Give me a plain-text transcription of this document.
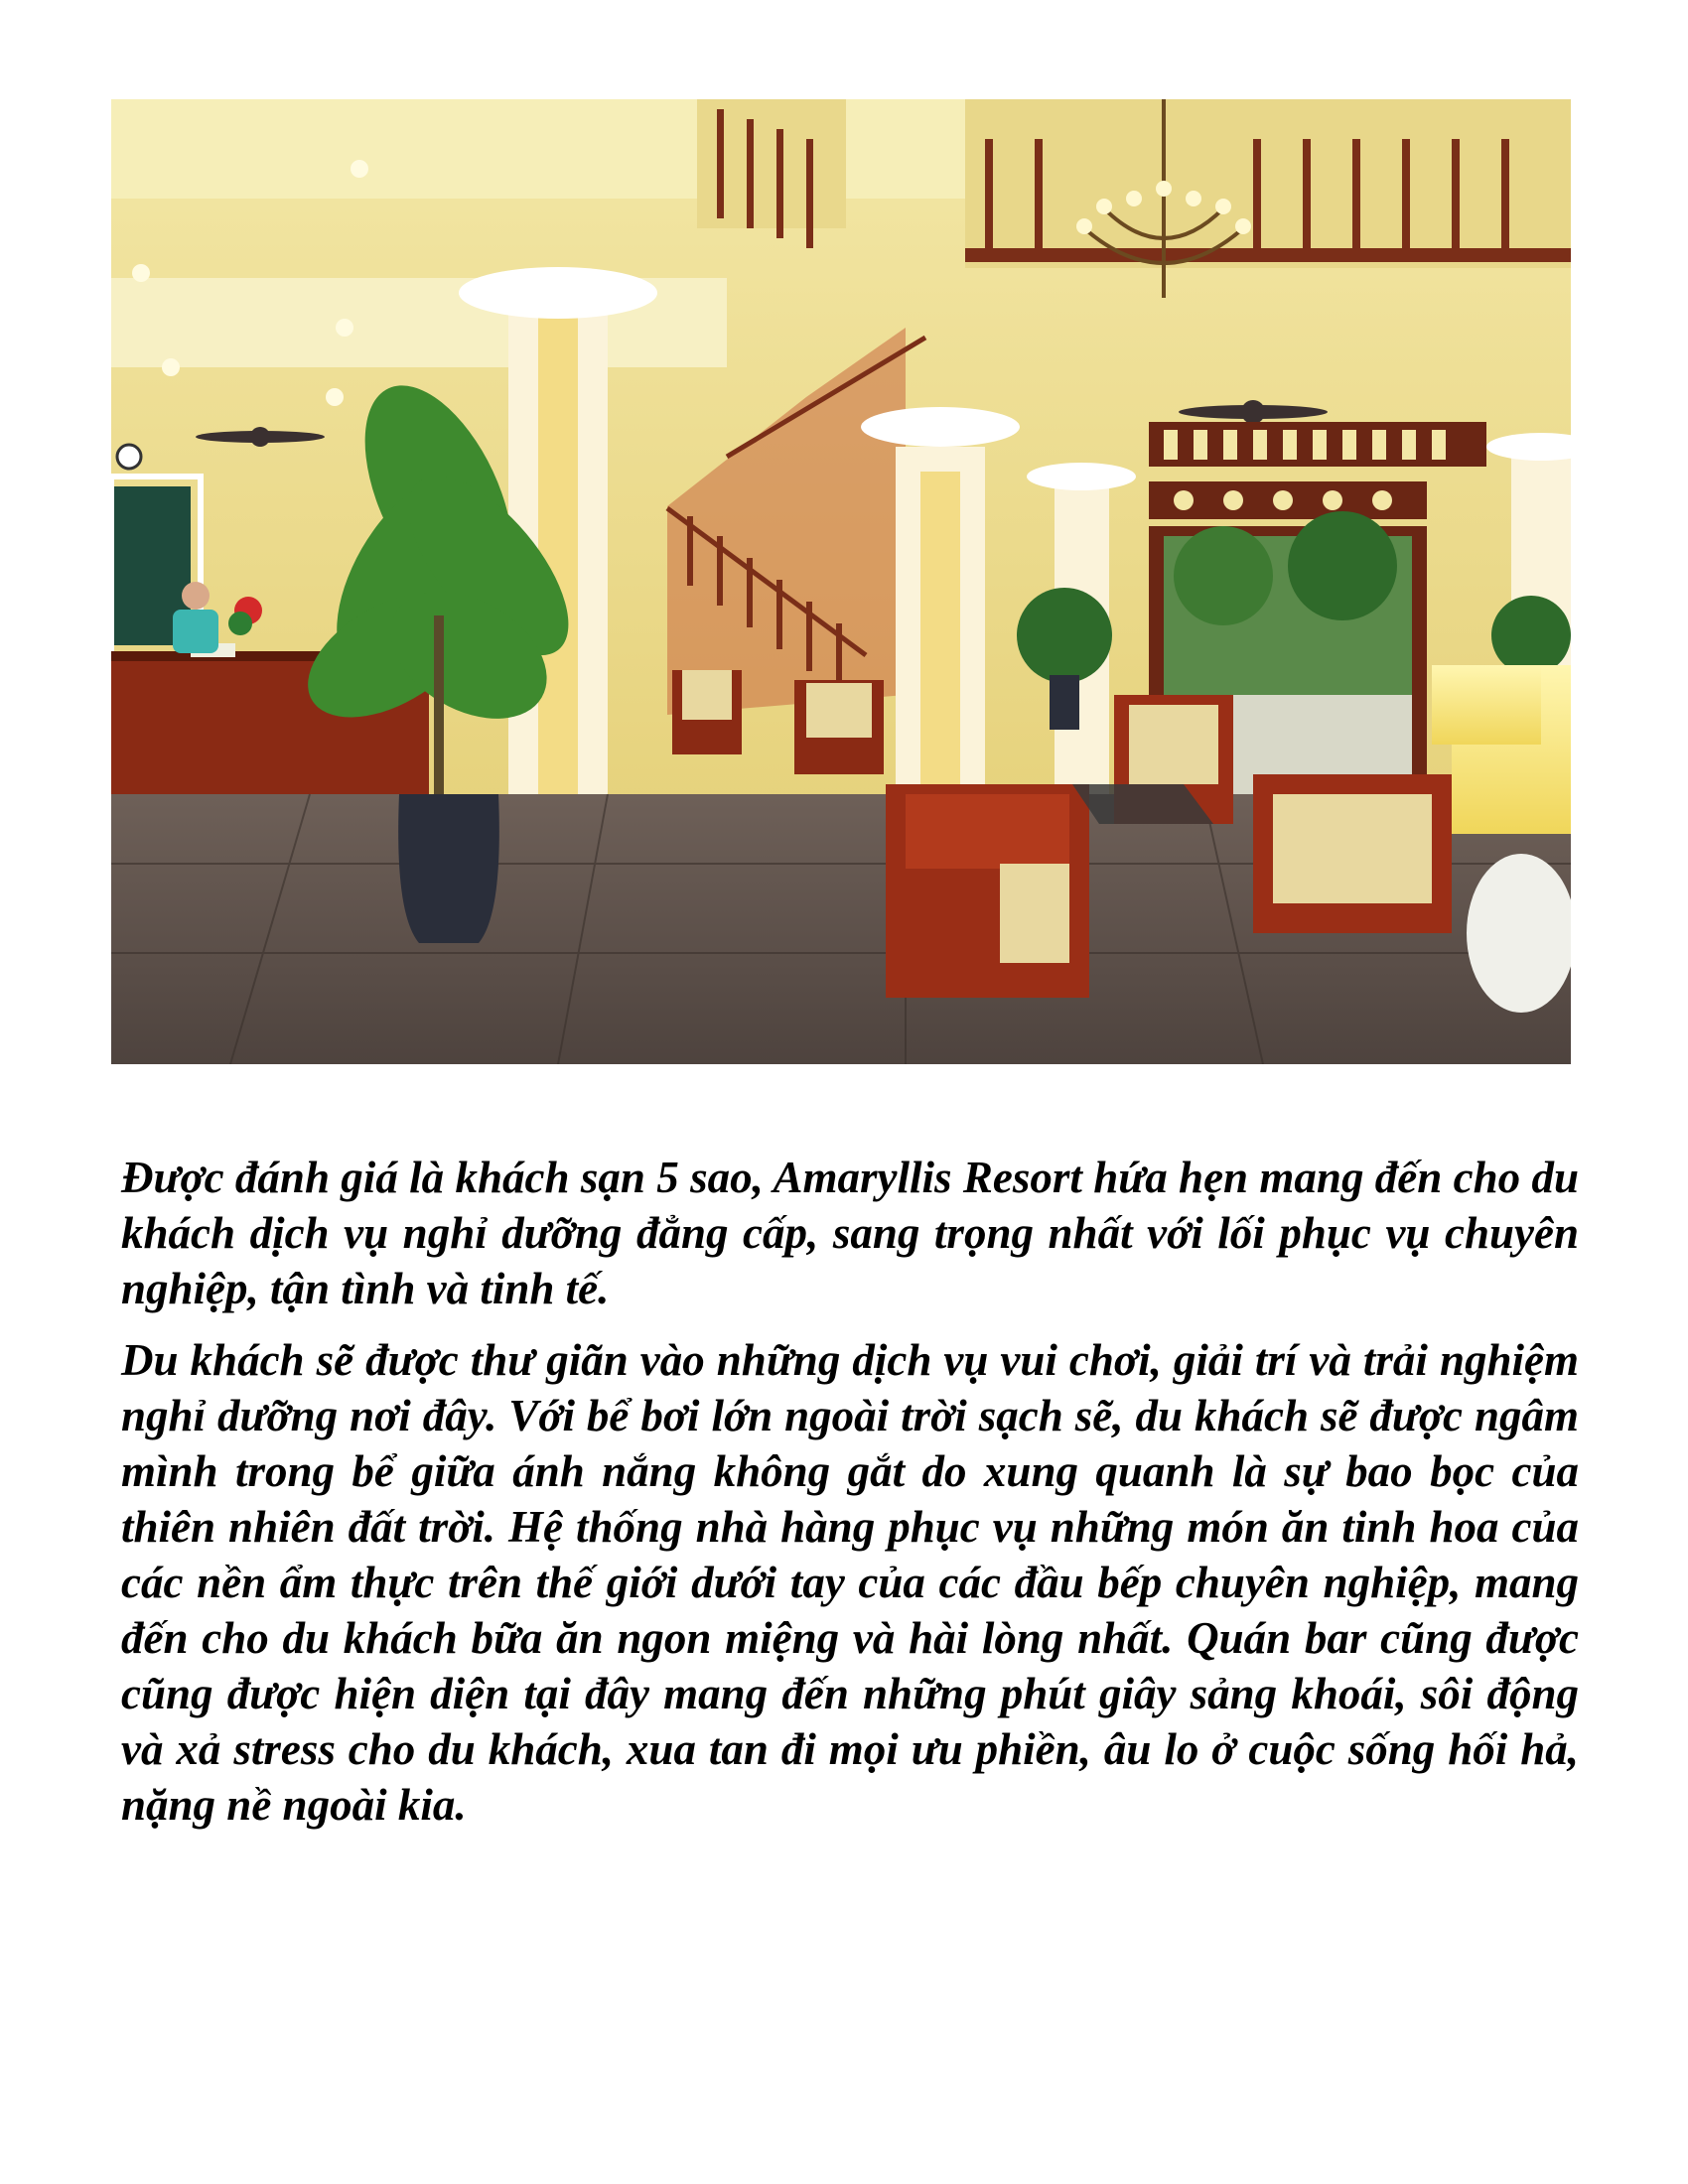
Được đánh giá là khách sạn 5 sao, Amaryllis Resort hứa hẹn mang đến cho du khách dịch vụ nghỉ dưỡng đẳng cấp, sang trọng nhất với lối phục vụ chuyên nghiệp, tận tình và tinh tế.

Du khách sẽ được thư giãn vào những dịch vụ vui chơi, giải trí và trải nghiệm nghỉ dưỡng nơi đây. Với bể bơi lớn ngoài trời sạch sẽ, du khách sẽ được ngâm mình trong bể giữa ánh nắng không gắt do xung quanh là sự bao bọc của thiên nhiên đất trời. Hệ thống nhà hàng phục vụ những món ăn tinh hoa của các nền ẩm thực trên thế giới dưới tay của các đầu bếp chuyên nghiệp, mang đến cho du khách bữa ăn ngon miệng và hài lòng nhất. Quán bar cũng được cũng được hiện diện tại đây mang đến những phút giây sảng khoái, sôi động và xả stress cho du khách, xua tan đi mọi ưu phiền, âu lo ở cuộc sống hối hả, nặng nề ngoài kia.
